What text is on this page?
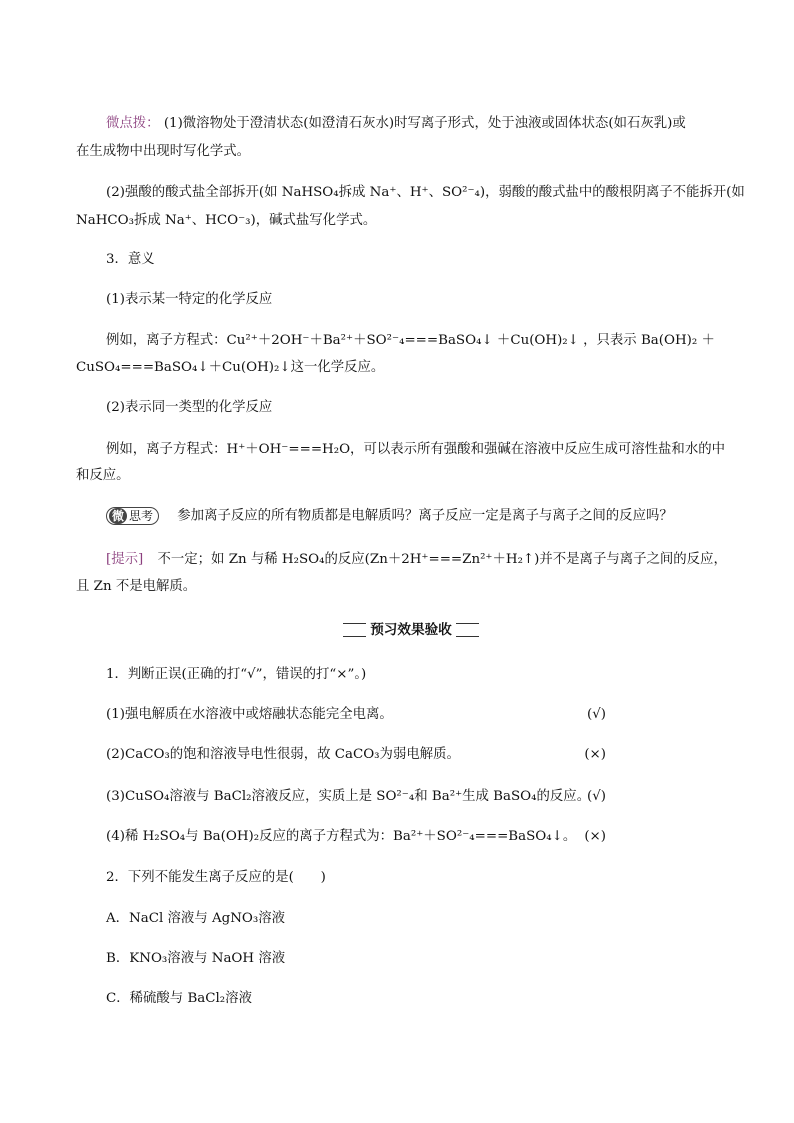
微点拨： (1)微溶物处于澄清状态(如澄清石灰水)时写离子形式，处于浊液或固体状态(如石灰乳)或
在生成物中出现时写化学式。
(2)强酸的酸式盐全部拆开(如 NaHSO₄拆成 Na⁺、H⁺、SO²⁻₄)，弱酸的酸式盐中的酸根阴离子不能拆开(如
NaHCO₃拆成 Na⁺、HCO⁻₃)，碱式盐写化学式。
3．意义
(1)表示某一特定的化学反应
例如，离子方程式：Cu²⁺＋2OH⁻＋Ba²⁺＋SO²⁻₄===BaSO₄↓ ＋Cu(OH)₂↓ ，只表示 Ba(OH)₂ ＋
CuSO₄===BaSO₄↓＋Cu(OH)₂↓这一化学反应。
(2)表示同一类型的化学反应
例如，离子方程式：H⁺＋OH⁻===H₂O，可以表示所有强酸和强碱在溶液中反应生成可溶性盐和水的中
和反应。
微 思考 参加离子反应的所有物质都是电解质吗？离子反应一定是离子与离子之间的反应吗？
[提示] 不一定；如 Zn 与稀 H₂SO₄的反应(Zn＋2H⁺===Zn²⁺＋H₂↑)并不是离子与离子之间的反应，
且 Zn 不是电解质。
预习效果验收
1．判断正误(正确的打“√”，错误的打“×”。)
(1)强电解质在水溶液中或熔融状态能完全电离。	(√)
(2)CaCO₃的饱和溶液导电性很弱，故 CaCO₃为弱电解质。	(×)
(3)CuSO₄溶液与 BaCl₂溶液反应，实质上是 SO²⁻₄和 Ba²⁺生成 BaSO₄的反应。
(√)
(4)稀 H₂SO₄与 Ba(OH)₂反应的离子方程式为：Ba²⁺＋SO²⁻₄===BaSO₄↓。 (×)
2．下列不能发生离子反应的是(　　)
A．NaCl 溶液与 AgNO₃溶液
B．KNO₃溶液与 NaOH 溶液
C．稀硫酸与 BaCl₂溶液
